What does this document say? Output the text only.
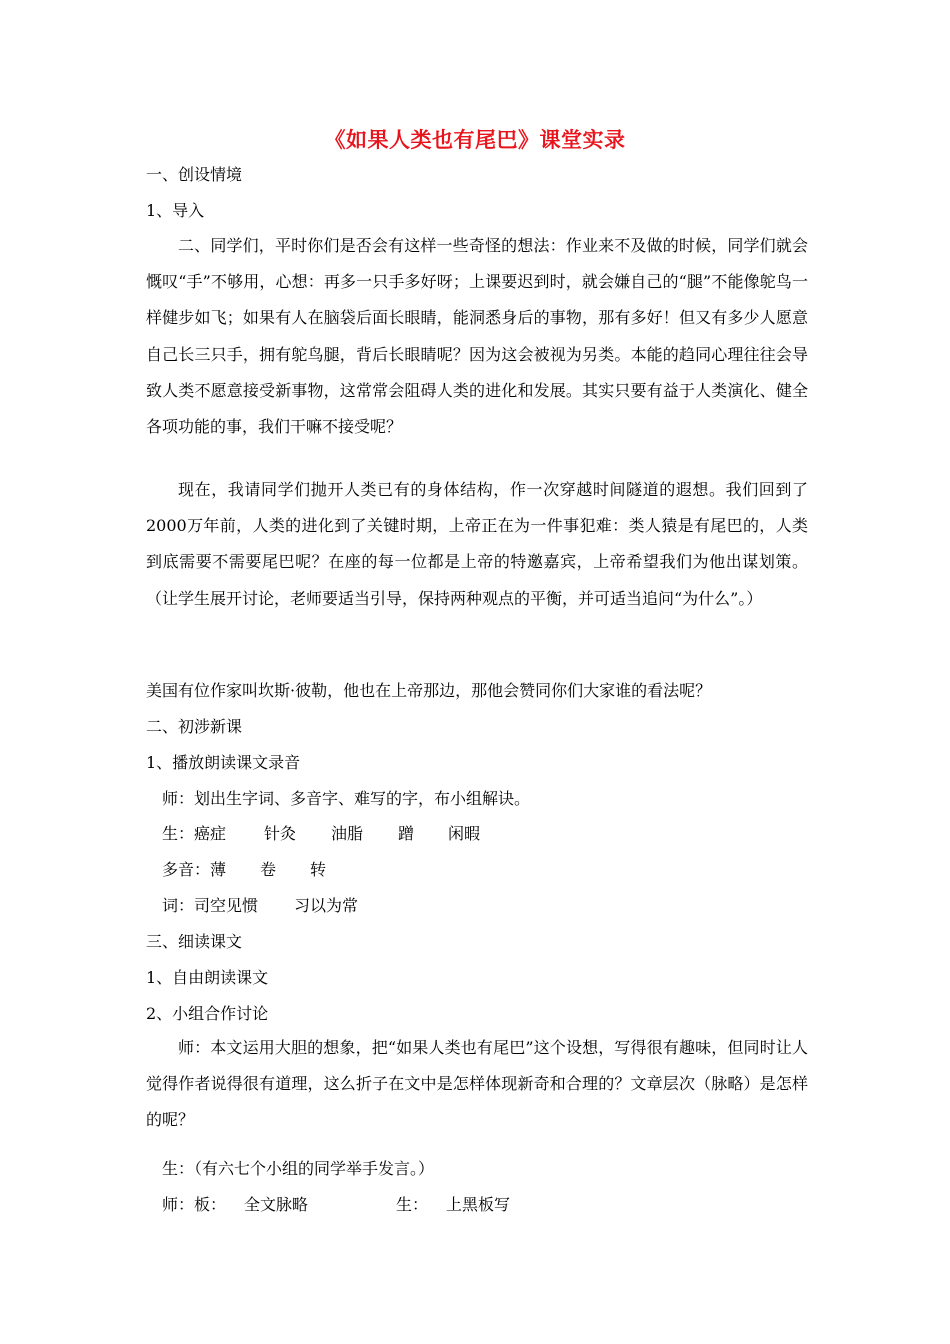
《如果人类也有尾巴》课堂实录
一、创设情境
1、导入

二、同学们，平时你们是否会有这样一些奇怪的想法：作业来不及做的时候，同学们就会慨叹“手”不够用，心想：再多一只手多好呀；上课要迟到时，就会嫌自己的“腿”不能像鸵鸟一样健步如飞；如果有人在脑袋后面长眼睛，能洞悉身后的事物，那有多好！但又有多少人愿意自己长三只手，拥有鸵鸟腿，背后长眼睛呢？因为这会被视为另类。本能的趋同心理往往会导致人类不愿意接受新事物，这常常会阻碍人类的进化和发展。其实只要有益于人类演化、健全各项功能的事，我们干嘛不接受呢？

现在，我请同学们抛开人类已有的身体结构，作一次穿越时间隧道的遐想。我们回到了2000万年前，人类的进化到了关键时期，上帝正在为一件事犯难：类人猿是有尾巴的，人类到底需要不需要尾巴呢？在座的每一位都是上帝的特邀嘉宾，上帝希望我们为他出谋划策。（让学生展开讨论，老师要适当引导，保持两种观点的平衡，并可适当追问“为什么”。）

美国有位作家叫坎斯·彼勒，他也在上帝那边，那他会赞同你们大家谁的看法呢？
二、初涉新课
1、播放朗读课文录音
师：划出生字词、多音字、难写的字，布小组解诀。
生：癌症 针灸 油脂 蹭 闲暇
多音：薄 卷 转
词：司空见惯 习以为常
三、细读课文
1、自由朗读课文
2、小组合作讨论

师：本文运用大胆的想象，把“如果人类也有尾巴”这个设想，写得很有趣味，但同时让人觉得作者说得很有道理，这么折子在文中是怎样体现新奇和合理的？文章层次（脉略）是怎样的呢？

生：（有六七个小组的同学举手发言。）
师：板： 全文脉略	生： 上黑板写
